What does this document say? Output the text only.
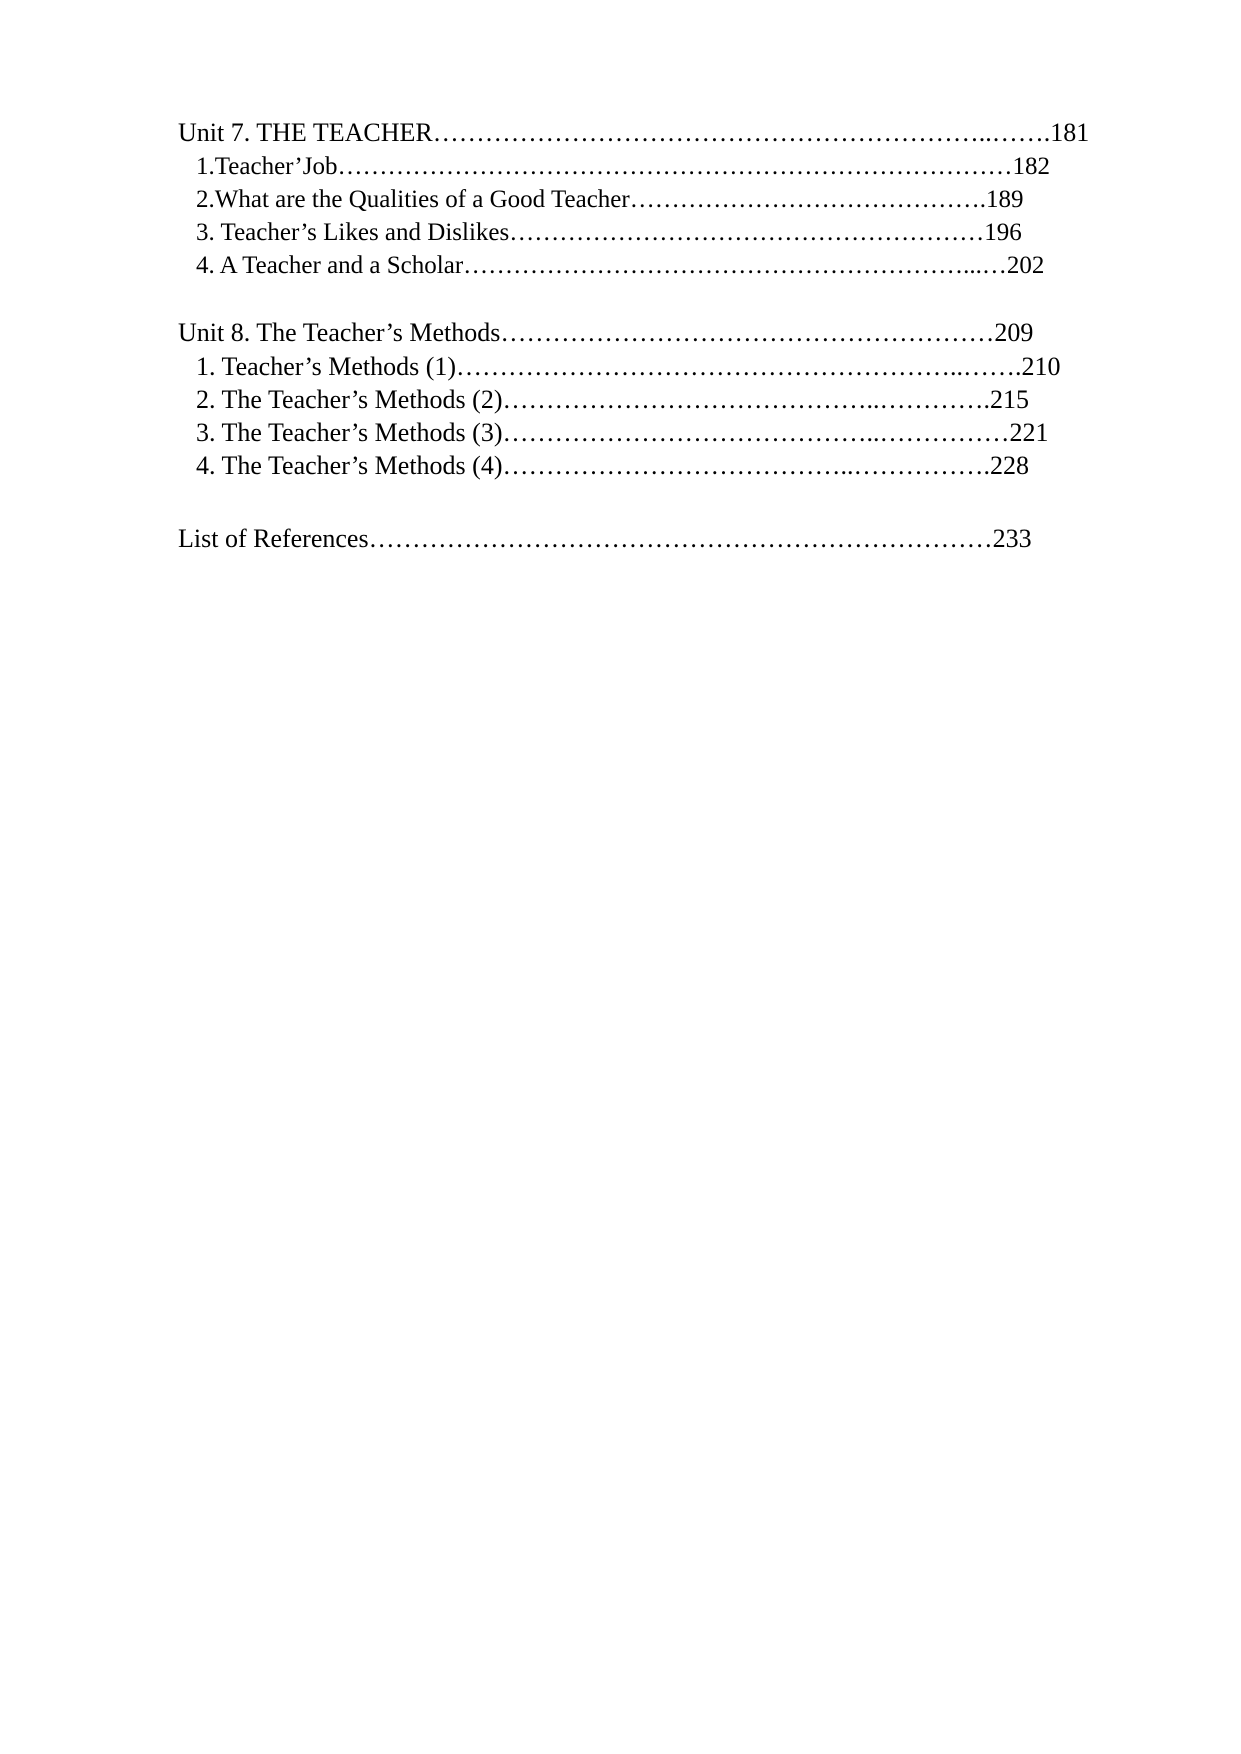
Unit 7. THE TEACHER………………………………………………………..…….181
1.Teacher’Job………………………………………………………………………182
2.What are the Qualities of a Good Teacher…………………………………….189
3. Teacher’s Likes and Dislikes…………………………………………………196
4. A Teacher and a Scholar……………………………………………………...…202
Unit 8. The Teacher’s Methods…………………………………………………209
1. Teacher’s Methods (1)…………………………………………………..…….210
2. The Teacher’s Methods (2)……………………………………..………….215
3. The Teacher’s Methods (3)……………………………………..……………221
4. The Teacher’s Methods (4)…………………………………..…………….228
List of References………………………………………………………………233
